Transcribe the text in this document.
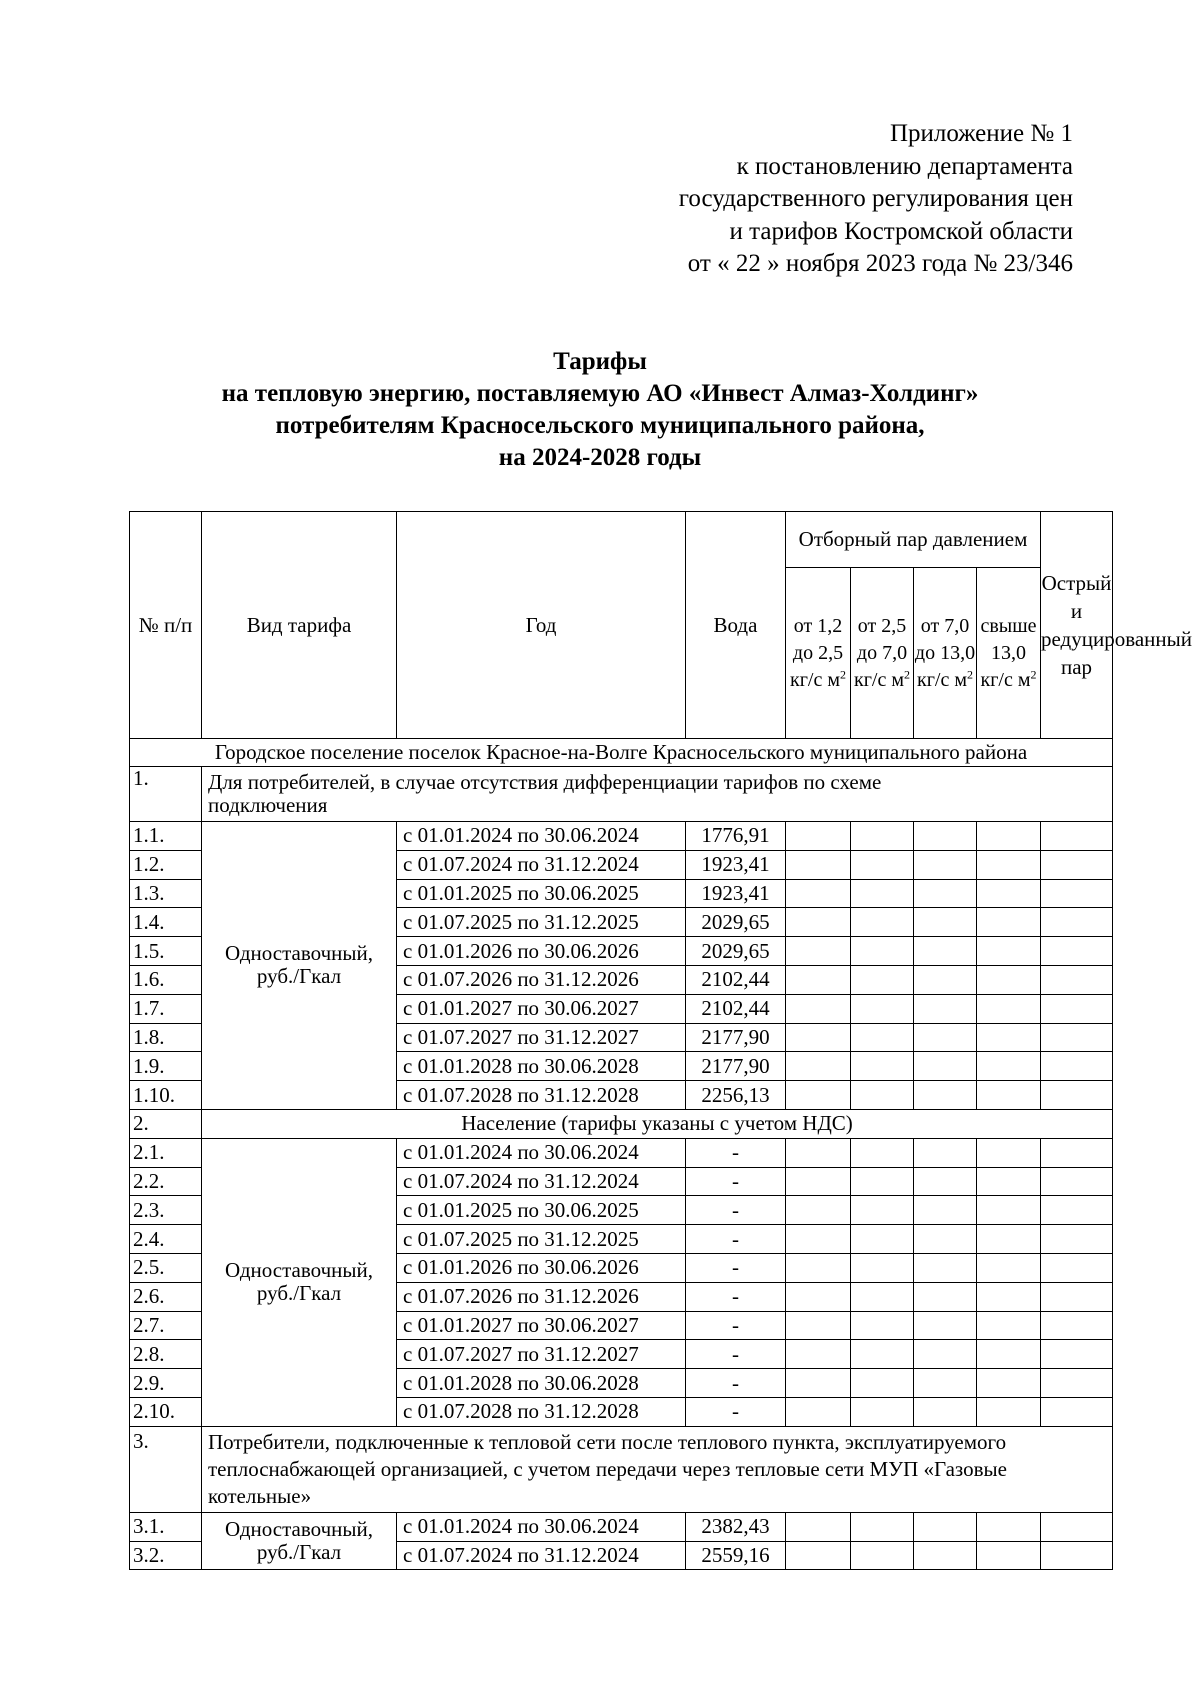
Приложение № 1
к постановлению департамента
государственного регулирования цен
и тарифов Костромской области
от « 22 » ноября 2023 года № 23/346
Тарифы
на тепловую энергию, поставляемую АО «Инвест Алмаз-Холдинг»
потребителям Красносельского муниципального района,
на 2024-2028 годы
№ п/п	Вид тарифа	Год	Вода	Отборный пар давлением				Острый и редуцированный пар
				от 1,2 до 2,5 кг/с $м^2$	от 2,5 до 7,0 кг/с $м^2$	от 7,0 до 13,0 кг/с $м^2$	свыше 13,0 кг/с $м^2$
Городское поселение поселок Красное-на-Волге Красносельского муниципального района								
1.	Для потребителей, в случае отсутствия дифференциации тарифов по схеме подключения							
1.1.	Одноставочный, руб./Гкал	с 01.01.2024 по 30.06.2024	1776,91					
1.2.		с 01.07.2024 по 31.12.2024	1923,41					
1.3.		с 01.01.2025 по 30.06.2025	1923,41					
1.4.		с 01.07.2025 по 31.12.2025	2029,65					
1.5.		с 01.01.2026 по 30.06.2026	2029,65					
1.6.		с 01.07.2026 по 31.12.2026	2102,44					
1.7.		с 01.01.2027 по 30.06.2027	2102,44					
1.8.		с 01.07.2027 по 31.12.2027	2177,90					
1.9.		с 01.01.2028 по 30.06.2028	2177,90					
1.10.		с 01.07.2028 по 31.12.2028	2256,13					
2.	Население (тарифы указаны с учетом НДС)							
2.1.	Одноставочный, руб./Гкал	с 01.01.2024 по 30.06.2024	-					
2.2.		с 01.07.2024 по 31.12.2024	-					
2.3.		с 01.01.2025 по 30.06.2025	-					
2.4.		с 01.07.2025 по 31.12.2025	-					
2.5.		с 01.01.2026 по 30.06.2026	-					
2.6.		с 01.07.2026 по 31.12.2026	-					
2.7.		с 01.01.2027 по 30.06.2027	-					
2.8.		с 01.07.2027 по 31.12.2027	-					
2.9.		с 01.01.2028 по 30.06.2028	-					
2.10.		с 01.07.2028 по 31.12.2028	-					
3.	Потребители, подключенные к тепловой сети после теплового пункта, эксплуатируемого теплоснабжающей организацией, с учетом передачи через тепловые сети МУП «Газовые котельные»							
3.1.	Одноставочный, руб./Гкал	с 01.01.2024 по 30.06.2024	2382,43					
3.2.		с 01.07.2024 по 31.12.2024	2559,16					
